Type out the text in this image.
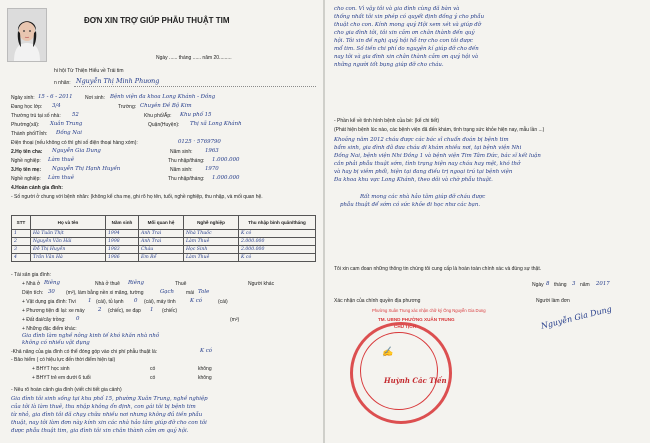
ĐƠN XIN TRỢ GIÚP PHẪU THUẬT TIM
Ngày ...... tháng ...... năm 20.........
hi hội Từ Thiện Hiểu về Trái tim
n nhân: Nguyễn Thị Minh Phương
Ngày sinh: 15 - 6 - 2011 Nơi sinh: Bệnh viện đa khoa Long Khánh - Đồng
Đang học lớp: 3/4	Trường: Chuyên Đề Bộ Kim
Thường trú tại số nhà: 52	Khu phố/Ấp: Khu phố 15
Phường(xã): Xuân Trung	Quận(Huyện): Thị xã Long Khánh
Thành phố/Tỉnh: Đồng Nai
Điện thoại (nếu không có thì ghi số điện thoại hàng xóm):	0125 · 5769790
2.Họ tên cha: Nguyễn Gia Dung	Năm sinh: 1963
Nghề nghiệp: Làm thuê	Thu nhập/tháng: 1.000.000
3.Họ tên mẹ: Nguyễn Thị Hạnh Huyền	Năm sinh: 1970
Nghề nghiệp: Làm thuê	Thu nhập/tháng: 1.000.000
4.Hoàn cảnh gia đình:
- Số người ở chung với bệnh nhân: (không kể cha mẹ, ghi rõ họ tên, tuổi, nghề nghiệp, thu nhập, và mối quan hệ.
STT	Họ và tên	Năm sinh	Mối quan hệ	Nghề nghiệp	Thu nhập bình quân/tháng
1	Hà Tuân Thịt	1994	Anh Trai	Nhà Thuốc	K có
2	Nguyễn Văn Hải	1998	Anh Trai	Làm Thuê	2.000.000
3	Đỗ Thị Huyền	1983	Cháu	Học Sinh	2.000.000
4	Trần Văn Hà	1986	Em Rể	Làm Thuê	K có
- Tài sản gia đình:
+ Nhà ở Riêng	Nhà ở thuê Riêng	Thuê	Người khác
Diện tích: 30 (m²), làm bằng nền xi măng, tường	Gạch mái Tole
+ Vật dụng gia đình: Tivi 1 (cái), tủ lạnh 0 (cái), máy tính	K có	(cái)
+ Phương tiện đi lại: xe máy 2 (chiếc), xe đạp 1 (chiếc)
+ Đất đai/cây trồng: 0	(m²)
+ Những đặc điểm khác:
Gia đình làm nghề nông kinh tế khó khăn nhà nhỏ
không có nhiều vật dụng
-Khả năng của gia đình có thể đóng góp vào chi phí phẫu thuật là:	K có
- Bảo hiểm ( có hiệu lực đến thời điểm hiện tại)
+ BHYT học sinh	có	không
+ BHYT trẻ em dưới 6 tuổi	có	không
- Nêu rõ hoàn cảnh gia đình (viết chi tiết gia cảnh)
Gia đình tôi sinh sống tại khu phố 15, phường Xuân Trung, nghề nghiệp
của tôi là làm thuê, thu nhập không ổn định, con gái tôi bị bệnh tim
từ nhỏ, gia đình tôi đã chạy chữa nhiều nơi nhưng không đủ tiền phẫu
thuật, nay tôi làm đơn này kính xin các nhà hảo tâm giúp đỡ cho con tôi
được phẫu thuật tim, gia đình tôi xin chân thành cảm ơn quý hội.
cho con. Vì vậy tôi và gia đình cùng đã bàn và
thống nhất tôi xin phép có quyết định đồng ý cho phẫu
thuật cho con. Kính mong quý Hội xem xét và giúp đỡ
cho gia đình tôi, tôi xin cảm ơn chân thành đến quý
hội. Tôi xin đề nghị quý hội hỗ trợ cho con tôi được
mổ tim. Số tiền chi phí do nguyện kí giúp đỡ cho đến
nay tôi và gia đình xin chân thành cảm ơn quý hội và
những người tốt bụng giúp đỡ cho cháu.
- Phần kể về tình hình bệnh của bé: (kể chi tiết)
(Phát hiện bệnh lúc nào, các bệnh viện đã đến khám, tình trạng sức khỏe hiện nay, mẫu lần ...)
Khoảng năm 2012 cháu được các bác sĩ chuẩn đoán bị bệnh tim
bẩm sinh, gia đình đã đưa cháu đi khám nhiều nơi, tại bệnh viện Nhi
Đồng Nai, bệnh viện Nhi Đồng 1 và bệnh viện Tim Tâm Đức, bác sĩ kết luận
cần phải phẫu thuật sớm, tình trạng hiện nay cháu hay mệt, khó thở
và hay bị viêm phổi, hiện tại đang điều trị ngoại trú tại bệnh viện
Đa khoa khu vực Long Khánh, theo dõi và chờ phẫu thuật.
Rất mong các nhà hảo tâm giúp đỡ cháu được
phẫu thuật để sớm có sức khỏe đi học như các bạn.
Tôi xin cam đoan những thông tin chúng tôi cung cấp là hoàn toàn chính xác và đúng sự thật.
Ngày 8 tháng 3 năm 2017
Xác nhận của chính quyền địa phương	Người làm đơn
Nguyễn Gia Dung
Phường Xuân Trung xác nhận chữ ký Ông Nguyễn Gia Dung
TM. UBND PHƯỜNG XUÂN TRUNG
CHỦ TỊCH
✍
Huỳnh Các Tiến
